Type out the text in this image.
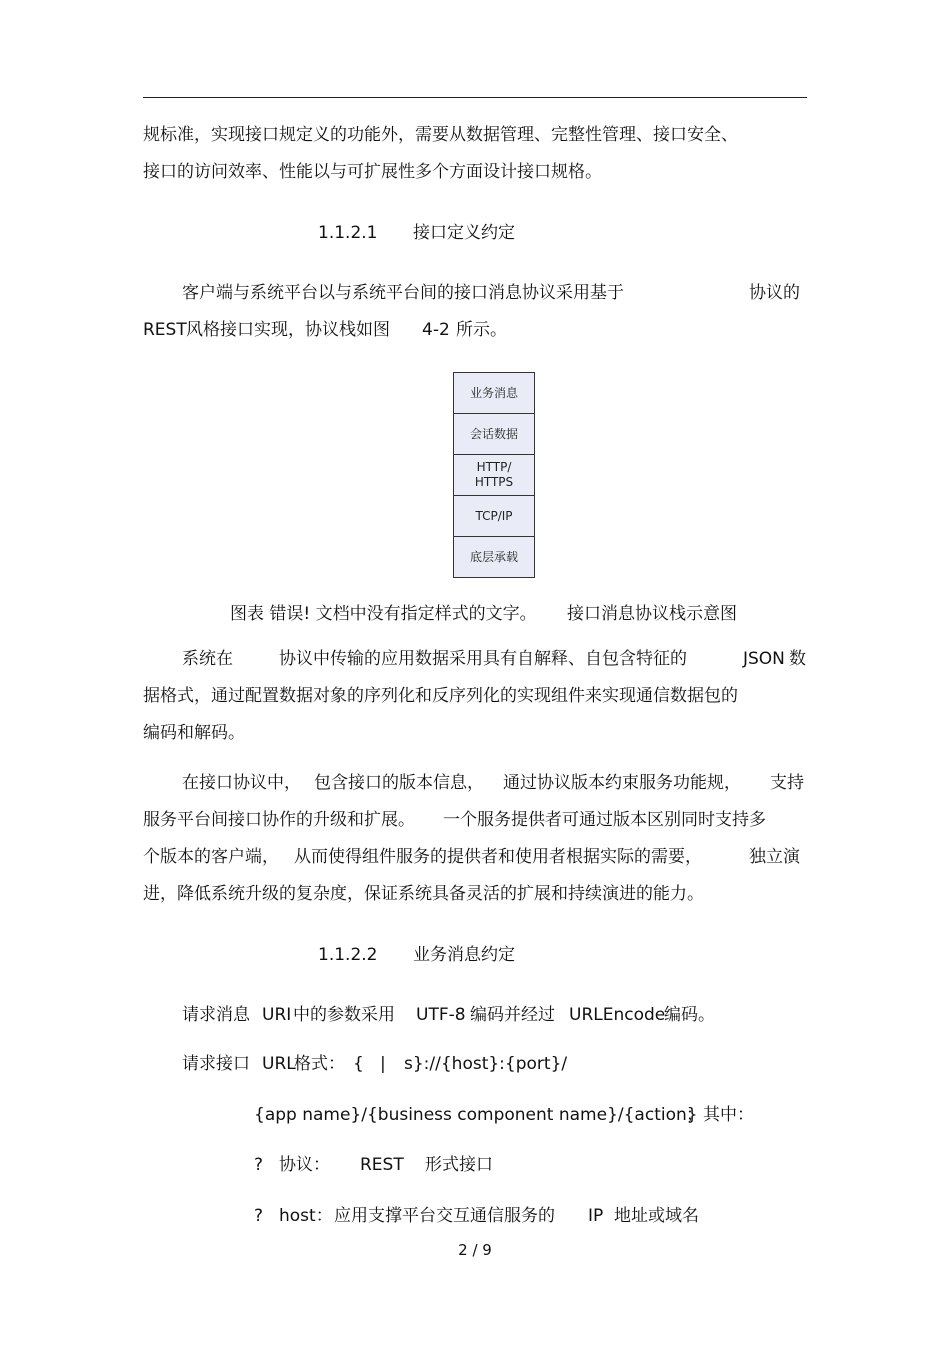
规标准，实现接口规定义的功能外，需要从数据管理、完整性管理、接口安全、
接口的访问效率、性能以与可扩展性多个方面设计接口规格。
1.1.2.1 接口定义约定
客户端与系统平台以与系统平台间的接口消息协议采用基于	协议的
REST 风格接口实现，协议栈如图 4-2 所示。
业务消息
会话数据
HTTP/
HTTPS
TCP/IP
底层承载
图表 错误! 文档中没有指定样式的文字。 接口消息协议栈示意图
系统在	协议中传输的应用数据采用具有自解释、自包含特征的	JSON 数
据格式，通过配置数据对象的序列化和反序列化的实现组件来实现通信数据包的
编码和解码。
在接口协议中， 包含接口的版本信息， 通过协议版本约束服务功能规， 支持
服务平台间接口协作的升级和扩展。 一个服务提供者可通过版本区别同时支持多
个版本的客户端， 从而使得组件服务的提供者和使用者根据实际的需要，	独立演
进，降低系统升级的复杂度，保证系统具备灵活的扩展和持续演进的能力。
1.1.2.2 业务消息约定
请求消息 URI 中的参数采用 UTF-8 编码并经过 URLEncode
编码。
请求接口 URL
格式： { | s}://{host}:{port}/
{app name}/{business component name}/{action}
；其中：
? 协议： REST 形式接口
? host： 应用支撑平台交互通信服务的 IP 地址或域名
2 / 9
